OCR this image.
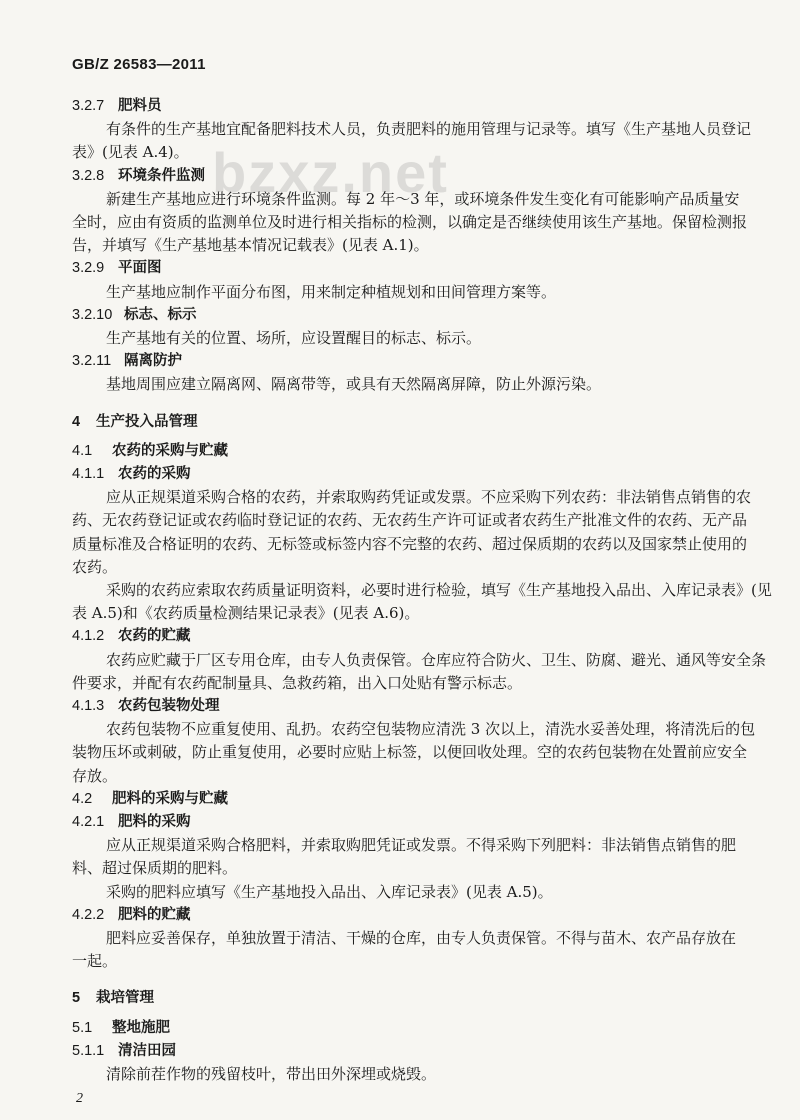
GB/Z 26583—2011
bzxz.net
3.2.7 肥料员
有条件的生产基地宜配备肥料技术人员，负责肥料的施用管理与记录等。填写《生产基地人员登记
表》(见表 A.4)。
3.2.8 环境条件监测
新建生产基地应进行环境条件监测。每 2 年～3 年，或环境条件发生变化有可能影响产品质量安
全时，应由有资质的监测单位及时进行相关指标的检测，以确定是否继续使用该生产基地。保留检测报
告，并填写《生产基地基本情况记载表》(见表 A.1)。
3.2.9 平面图
生产基地应制作平面分布图，用来制定种植规划和田间管理方案等。
3.2.10 标志、标示
生产基地有关的位置、场所，应设置醒目的标志、标示。
3.2.11 隔离防护
基地周围应建立隔离网、隔离带等，或具有天然隔离屏障，防止外源污染。
4 生产投入品管理
4.1 农药的采购与贮藏
4.1.1 农药的采购
应从正规渠道采购合格的农药，并索取购药凭证或发票。不应采购下列农药：非法销售点销售的农
药、无农药登记证或农药临时登记证的农药、无农药生产许可证或者农药生产批准文件的农药、无产品
质量标准及合格证明的农药、无标签或标签内容不完整的农药、超过保质期的农药以及国家禁止使用的
农药。
采购的农药应索取农药质量证明资料，必要时进行检验，填写《生产基地投入品出、入库记录表》(见
表 A.5)和《农药质量检测结果记录表》(见表 A.6)。
4.1.2 农药的贮藏
农药应贮藏于厂区专用仓库，由专人负责保管。仓库应符合防火、卫生、防腐、避光、通风等安全条
件要求，并配有农药配制量具、急救药箱，出入口处贴有警示标志。
4.1.3 农药包装物处理
农药包装物不应重复使用、乱扔。农药空包装物应清洗 3 次以上，清洗水妥善处理，将清洗后的包
装物压坏或刺破，防止重复使用，必要时应贴上标签，以便回收处理。空的农药包装物在处置前应安全
存放。
4.2 肥料的采购与贮藏
4.2.1 肥料的采购
应从正规渠道采购合格肥料，并索取购肥凭证或发票。不得采购下列肥料：非法销售点销售的肥
料、超过保质期的肥料。
采购的肥料应填写《生产基地投入品出、入库记录表》(见表 A.5)。
4.2.2 肥料的贮藏
肥料应妥善保存，单独放置于清洁、干燥的仓库，由专人负责保管。不得与苗木、农产品存放在
一起。
5 栽培管理
2
5.1 整地施肥
5.1.1 清洁田园
清除前茬作物的残留枝叶，带出田外深埋或烧毁。
